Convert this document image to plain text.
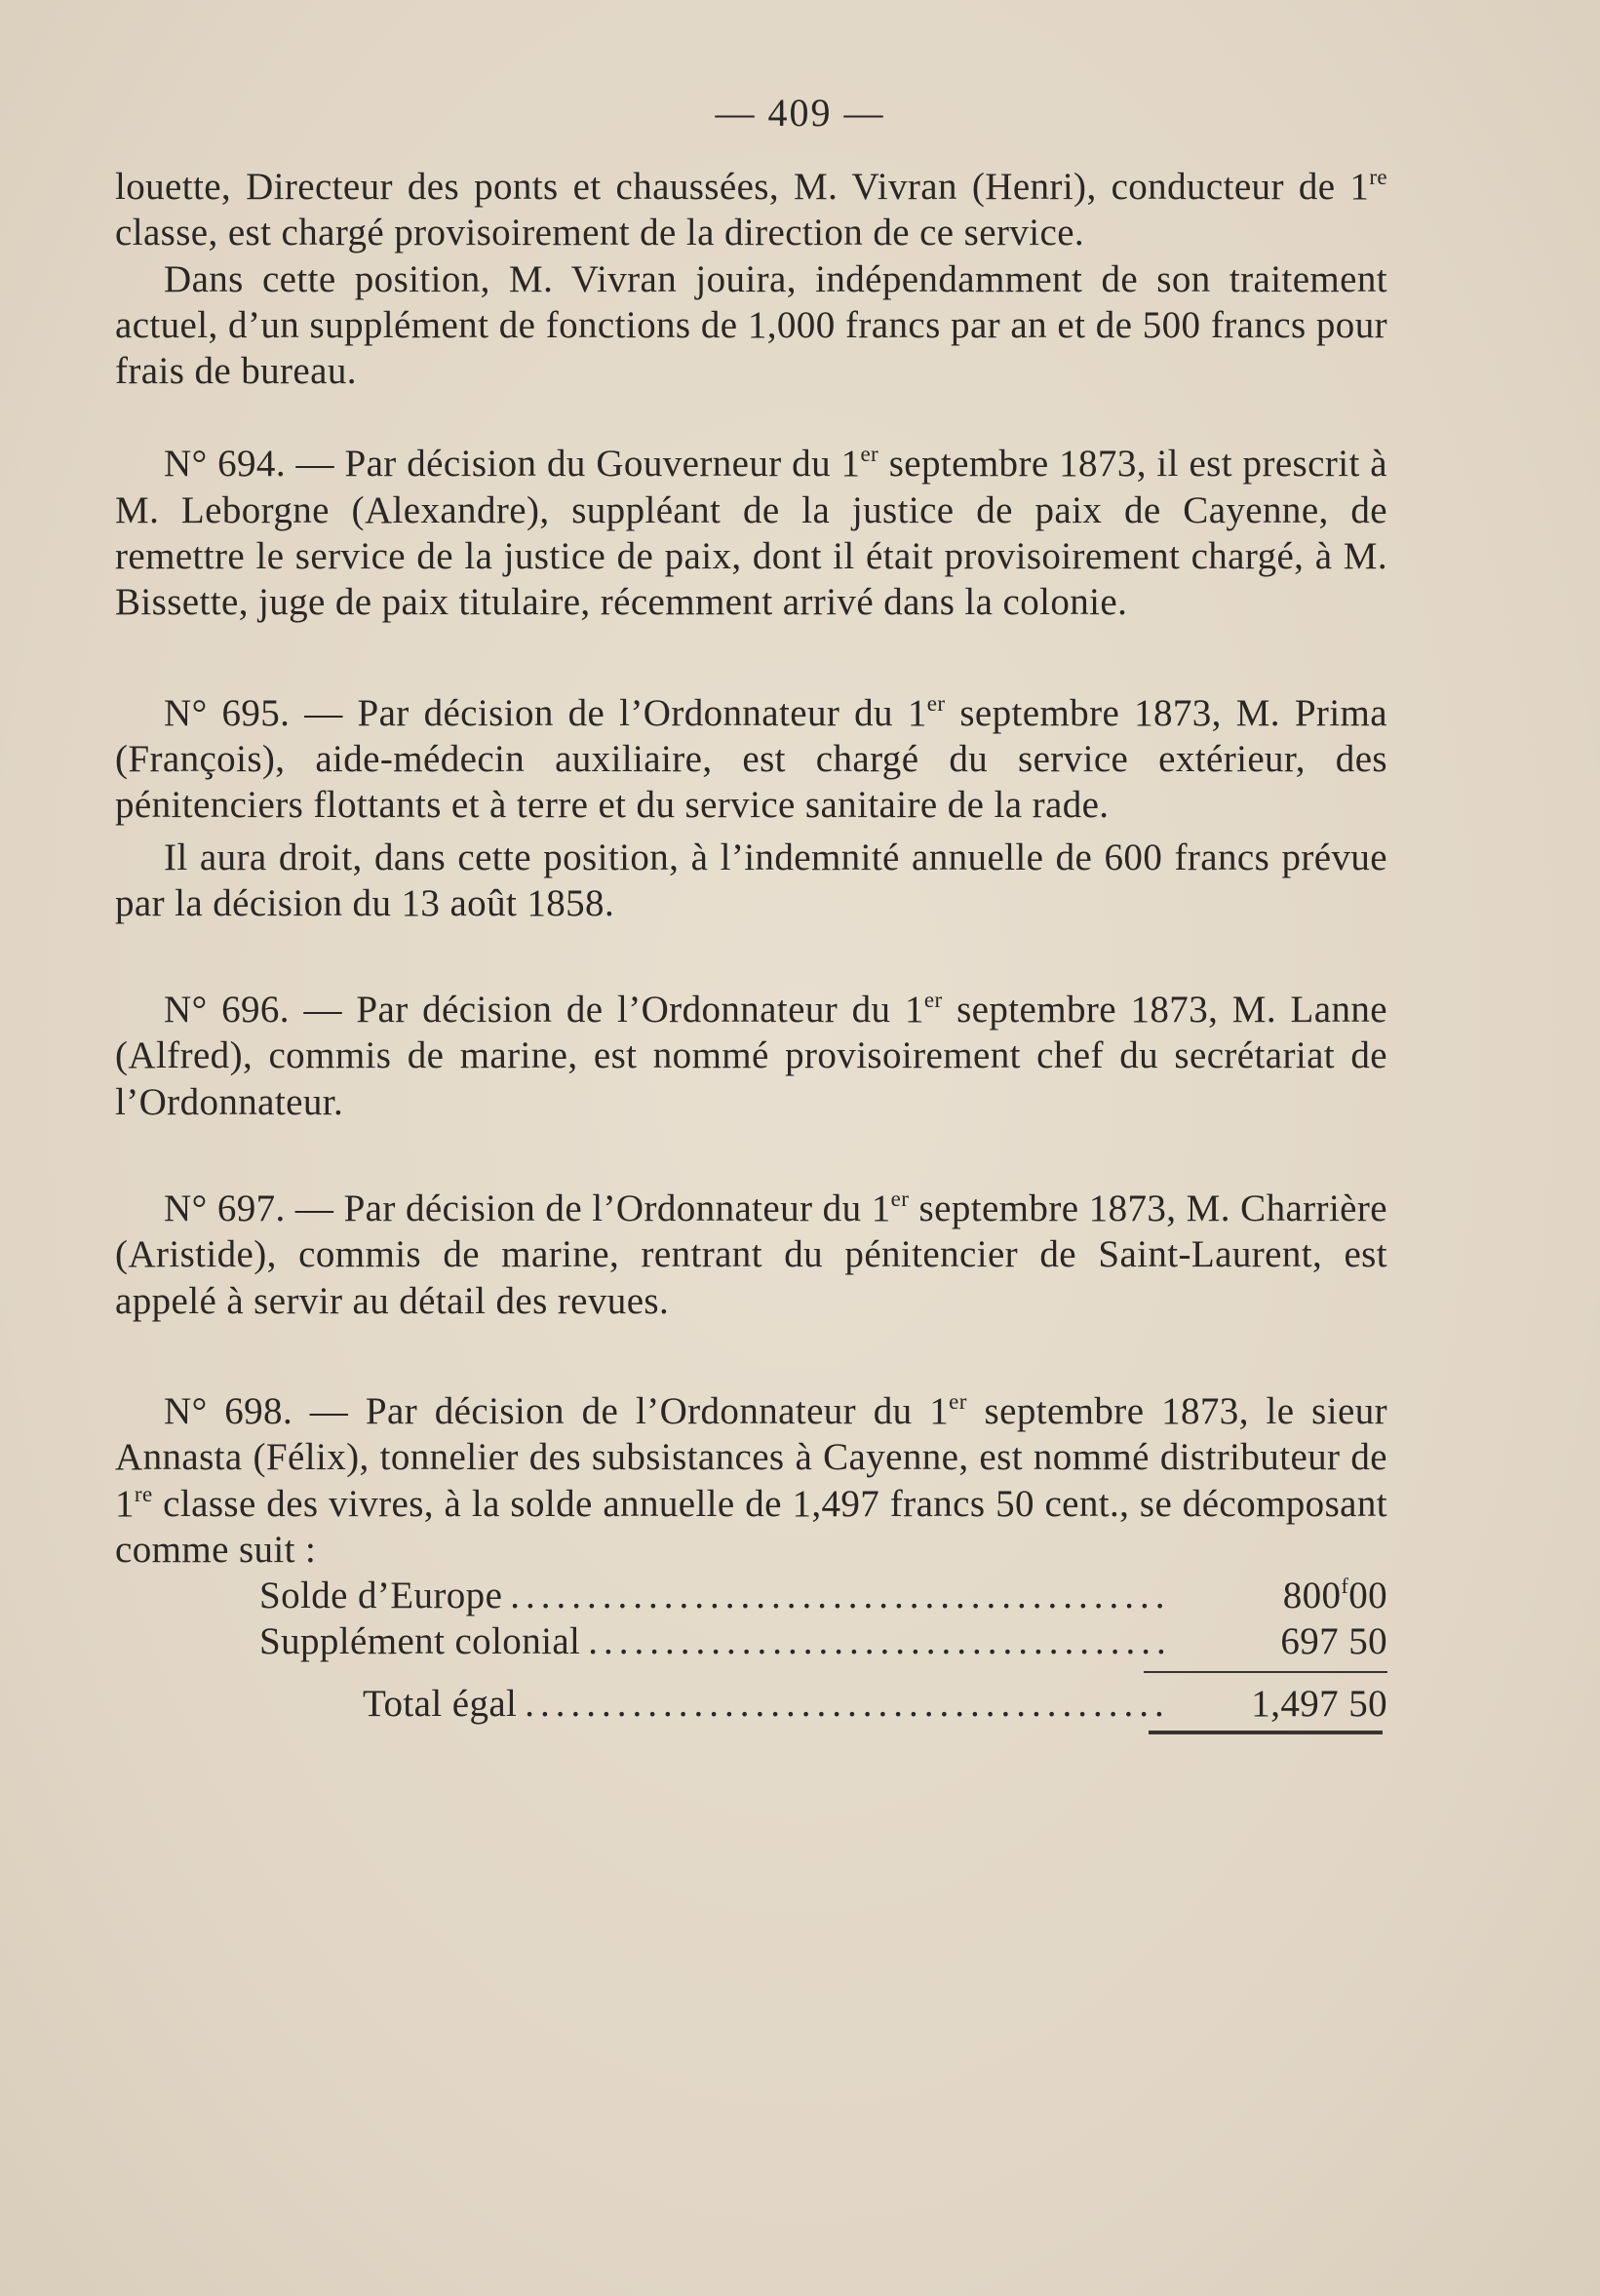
— 409 —

louette, Directeur des ponts et chaussées, M. Vivran (Henri), conducteur de 1re classe, est chargé provisoirement de la direction de ce service.

Dans cette position, M. Vivran jouira, indépendamment de son traitement actuel, d’un supplément de fonctions de 1,000 francs par an et de 500 francs pour frais de bureau.

N° 694. — Par décision du Gouverneur du 1er septembre 1873, il est prescrit à M. Leborgne (Alexandre), suppléant de la justice de paix de Cayenne, de remettre le service de la justice de paix, dont il était provisoirement chargé, à M. Bissette, juge de paix titulaire, récemment arrivé dans la colonie.

N° 695. — Par décision de l’Ordonnateur du 1er septembre 1873, M. Prima (François), aide-médecin auxiliaire, est chargé du service extérieur, des pénitenciers flottants et à terre et du service sanitaire de la rade.

Il aura droit, dans cette position, à l’indemnité annuelle de 600 francs prévue par la décision du 13 août 1858.

N° 696. — Par décision de l’Ordonnateur du 1er septembre 1873, M. Lanne (Alfred), commis de marine, est nommé provisoirement chef du secrétariat de l’Ordonnateur.

N° 697. — Par décision de l’Ordonnateur du 1er septembre 1873, M. Charrière (Aristide), commis de marine, rentrant du pénitencier de Saint-Laurent, est appelé à servir au détail des revues.

N° 698. — Par décision de l’Ordonnateur du 1er septembre 1873, le sieur Annasta (Félix), tonnelier des subsistances à Cayenne, est nommé distributeur de 1re classe des vivres, à la solde annuelle de 1,497 francs 50 cent., se décomposant comme suit :

Solde d’Europe .....	800$^f$00
Supplément colonial .....	697 50
Total égal .....	1,497 50
